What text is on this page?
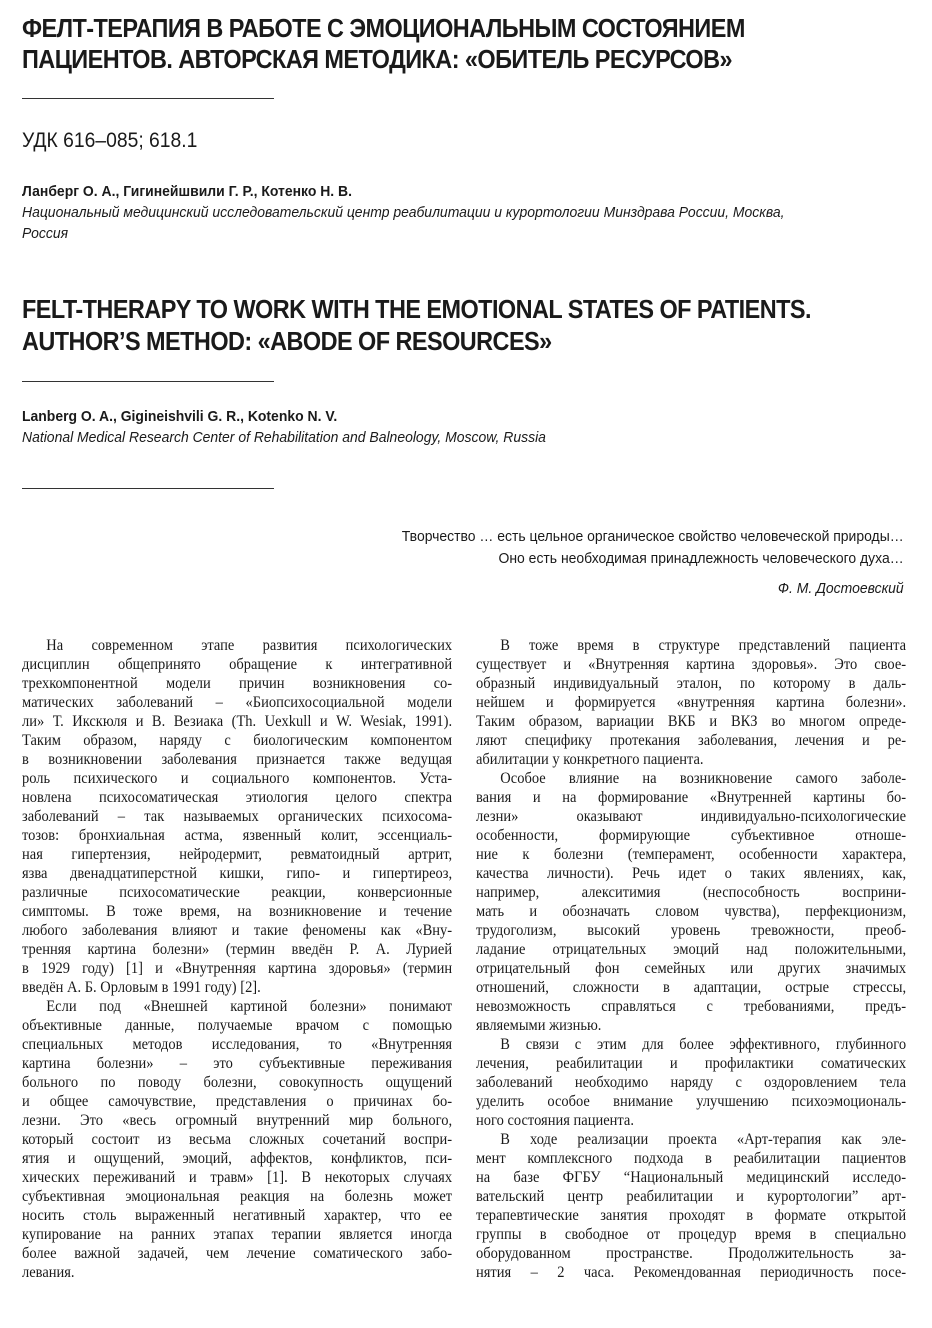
ФЕЛТ-ТЕРАПИЯ В РАБОТЕ С ЭМОЦИОНАЛЬНЫМ СОСТОЯНИЕМ
ПАЦИЕНТОВ. АВТОРСКАЯ МЕТОДИКА: «ОБИТЕЛЬ РЕСУРСОВ»

УДК 616–085; 618.1

Ланберг О. А., Гигинейшвили Г. Р., Котенко Н. В.

Национальный медицинский исследовательский центр реабилитации и курортологии Минздрава России, Москва,
Россия

FELT-THERAPY TO WORK WITH THE EMOTIONAL STATES OF PATIENTS.
AUTHOR’S METHOD: «ABODE OF RESOURCES»

Lanberg O. A., Gigineishvili G. R., Kotenko N. V.

National Medical Research Center of Rehabilitation and Balneology, Moscow, Russia

Творчество … есть цельное органическое свойство человеческой природы…
Оно есть необходимая принадлежность человеческого духа…
Ф. М. Достоевский
На современном этапе развития психологических
дисциплин общепринято обращение к интегративной
трехкомпонентной модели причин возникновения со-
матических заболеваний – «Биопсихосоциальной модели
ли» Т. Икскюля и В. Везиака (Th. Uexkull и W. Wesiak, 1991).
Таким образом, наряду с биологическим компонентом
в возникновении заболевания признается также ведущая
роль психического и социального компонентов. Уста-
новлена психосоматическая этиология целого спектра
заболеваний – так называемых органических психосома-
тозов: бронхиальная астма, язвенный колит, эссенциаль-
ная гипертензия, нейродермит, ревматоидный артрит,
язва двенадцатиперстной кишки, гипо- и гипертиреоз,
различные психосоматические реакции, конверсионные
симптомы. В тоже время, на возникновение и течение
любого заболевания влияют и такие феномены как «Вну-
тренняя картина болезни» (термин введён Р. А. Лурией
в 1929 году) [1] и «Внутренняя картина здоровья» (термин
введён А. Б. Орловым в 1991 году) [2].
Если под «Внешней картиной болезни» понимают
объективные данные, получаемые врачом с помощью
специальных методов исследования, то «Внутренняя
картина болезни» – это субъективные переживания
больного по поводу болезни, совокупность ощущений
и общее самочувствие, представления о причинах бо-
лезни. Это «весь огромный внутренний мир больного,
который состоит из весьма сложных сочетаний воспри-
ятия и ощущений, эмоций, аффектов, конфликтов, пси-
хических переживаний и травм» [1]. В некоторых случаях
субъективная эмоциональная реакция на болезнь может
носить столь выраженный негативный характер, что ее
купирование на ранних этапах терапии является иногда
более важной задачей, чем лечение соматического забо-
левания.
В тоже время в структуре представлений пациента
существует и «Внутренняя картина здоровья». Это свое-
образный индивидуальный эталон, по которому в даль-
нейшем и формируется «внутренняя картина болезни».
Таким образом, вариации ВКБ и ВКЗ во многом опреде-
ляют специфику протекания заболевания, лечения и ре-
абилитации у конкретного пациента.
Особое влияние на возникновение самого заболе-
вания и на формирование «Внутренней картины бо-
лезни» оказывают индивидуально-психологические
особенности, формирующие субъективное отноше-
ние к болезни (темперамент, особенности характера,
качества личности). Речь идет о таких явлениях, как,
например, алекситимия (неспособность восприни-
мать и обозначать словом чувства), перфекционизм,
трудоголизм, высокий уровень тревожности, преоб-
ладание отрицательных эмоций над положительными,
отрицательный фон семейных или других значимых
отношений, сложности в адаптации, острые стрессы,
невозможность справляться с требованиями, предъ-
являемыми жизнью.
В связи с этим для более эффективного, глубинного
лечения, реабилитации и профилактики соматических
заболеваний необходимо наряду с оздоровлением тела
уделить особое внимание улучшению психоэмоциональ-
ного состояния пациента.
В ходе реализации проекта «Арт-терапия как эле-
мент комплексного подхода в реабилитации пациентов
на базе ФГБУ “Национальный медицинский исследо-
вательский центр реабилитации и курортологии” арт-
терапевтические занятия проходят в формате открытой
группы в свободное от процедур время в специально
оборудованном пространстве. Продолжительность за-
нятия – 2 часа. Рекомендованная периодичность посе-
